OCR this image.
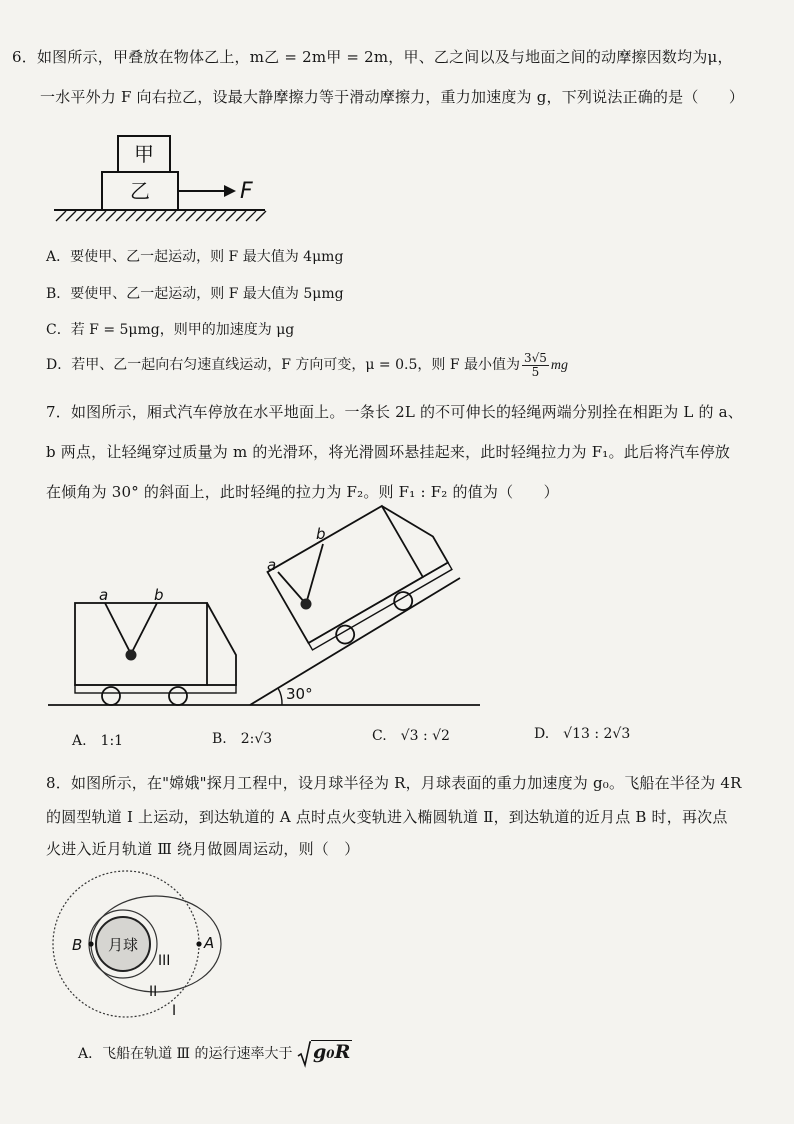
6．如图所示，甲叠放在物体乙上，m乙 = 2m甲 = 2m，甲、乙之间以及与地面之间的动摩擦因数均为μ，
一水平外力 F 向右拉乙，设最大静摩擦力等于滑动摩擦力，重力加速度为 g，下列说法正确的是（　　）
甲
乙	F
A．要使甲、乙一起运动，则 F 最大值为 4μmg
B．要使甲、乙一起运动，则 F 最大值为 5μmg
C．若 F = 5μmg，则甲的加速度为 μg
D．若甲、乙一起向右匀速直线运动，F 方向可变，μ = 0.5，则 F 最小值为 $\frac{3√5}{5}$ mg
7．如图所示，厢式汽车停放在水平地面上。一条长 2L 的不可伸长的轻绳两端分别拴在相距为 L 的 a、
b 两点，让轻绳穿过质量为 m 的光滑环，将光滑圆环悬挂起来，此时轻绳拉力为 F₁。此后将汽车停放
在倾角为 30° 的斜面上，此时轻绳的拉力为 F₂。则 F₁ : F₂ 的值为（　　）
a	b
30°
a
b
A.　1:1	B.　2:√3	C.　√3 : √2	D.　√13 : 2√3
8．如图所示，在"嫦娥"探月工程中，设月球半径为 R，月球表面的重力加速度为 g₀。飞船在半径为 4R
的圆型轨道 Ⅰ 上运动，到达轨道的 A 点时点火变轨进入椭圆轨道 Ⅱ，到达轨道的近月点 B 时，再次点
火进入近月轨道 Ⅲ 绕月做圆周运动，则（　）
月球
B	A
III
II
I
A．飞船在轨道 Ⅲ 的运行速率大于 g₀R
